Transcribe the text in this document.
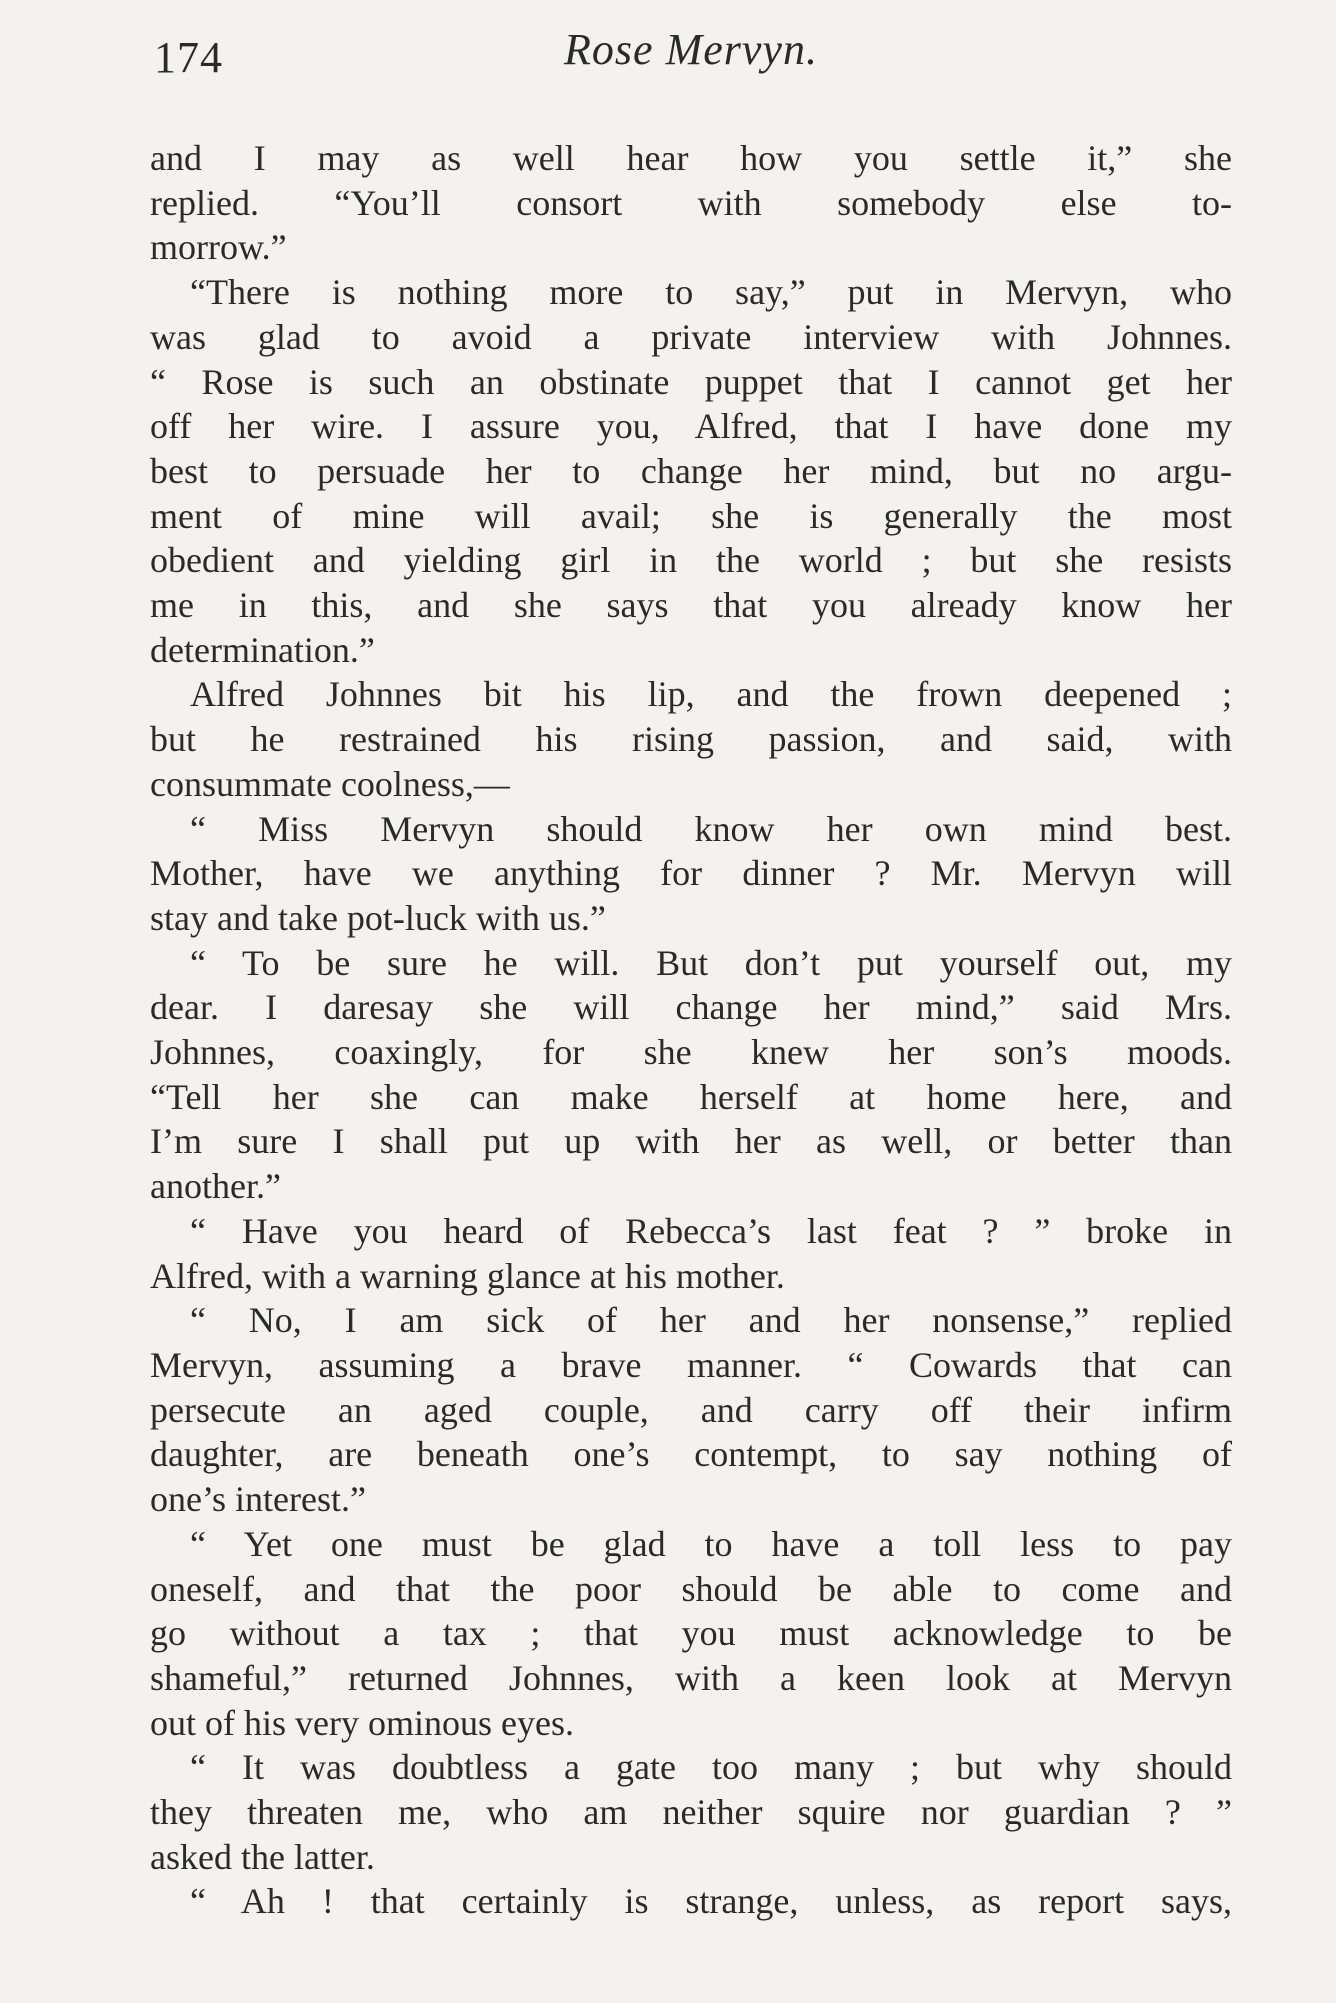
174	Rose Mervyn.
and I may as well hear how you settle it,” she
replied. “You’ll consort with somebody else to-
morrow.”
“There is nothing more to say,” put in Mervyn, who
was glad to avoid a private interview with Johnnes.
“ Rose is such an obstinate puppet that I cannot get her
off her wire. I assure you, Alfred, that I have done my
best to persuade her to change her mind, but no argu-
ment of mine will avail; she is generally the most
obedient and yielding girl in the world ; but she resists
me in this, and she says that you already know her
determination.”
Alfred Johnnes bit his lip, and the frown deepened ;
but he restrained his rising passion, and said, with
consummate coolness,—
“ Miss Mervyn should know her own mind best.
Mother, have we anything for dinner ? Mr. Mervyn will
stay and take pot-luck with us.”
“ To be sure he will. But don’t put yourself out, my
dear. I daresay she will change her mind,” said Mrs.
Johnnes, coaxingly, for she knew her son’s moods.
“Tell her she can make herself at home here, and
I’m sure I shall put up with her as well, or better than
another.”
“ Have you heard of Rebecca’s last feat ? ” broke in
Alfred, with a warning glance at his mother.
“ No, I am sick of her and her nonsense,” replied
Mervyn, assuming a brave manner. “ Cowards that can
persecute an aged couple, and carry off their infirm
daughter, are beneath one’s contempt, to say nothing of
one’s interest.”
“ Yet one must be glad to have a toll less to pay
oneself, and that the poor should be able to come and
go without a tax ; that you must acknowledge to be
shameful,” returned Johnnes, with a keen look at Mervyn
out of his very ominous eyes.
“ It was doubtless a gate too many ; but why should
they threaten me, who am neither squire nor guardian ? ”
asked the latter.
“ Ah ! that certainly is strange, unless, as report says,
